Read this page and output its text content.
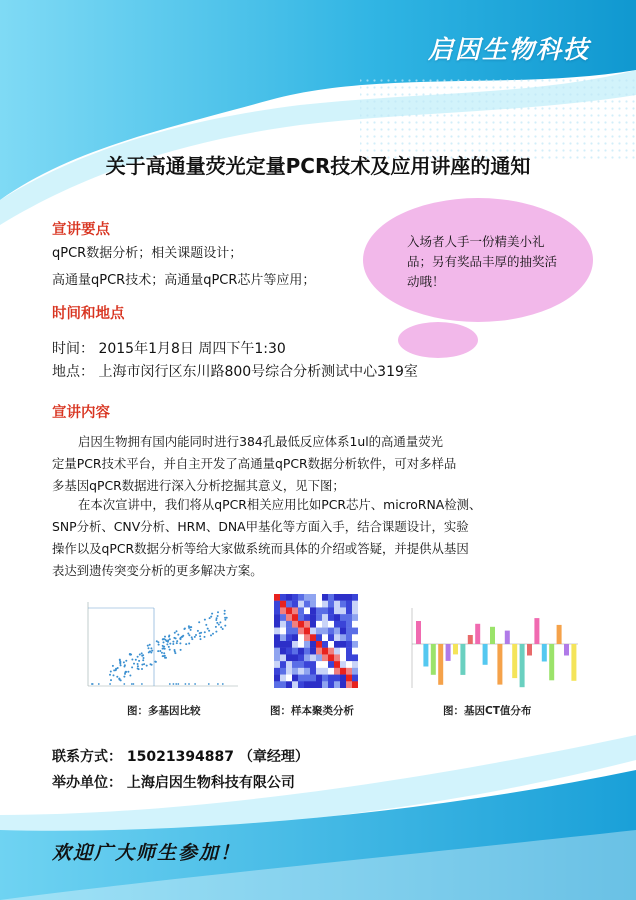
启因生物科技
关于高通量荧光定量PCR技术及应用讲座的通知
入场者人手一份精美小礼品；另有奖品丰厚的抽奖活动哦！
宣讲要点
qPCR数据分析；相关课题设计；
高通量qPCR技术；高通量qPCR芯片等应用；
时间和地点
时间： 2015年1月8日 周四下午1:30
地点： 上海市闵行区东川路800号综合分析测试中心319室
宣讲内容

启因生物拥有国内能同时进行384孔最低反应体系1ul的高通量荧光

定量PCR技术平台，并自主开发了高通量qPCR数据分析软件，可对多样品

多基因qPCR数据进行深入分析挖掘其意义，见下图；

在本次宣讲中，我们将从qPCR相关应用比如PCR芯片、microRNA检测、

SNP分析、CNV分析、HRM、DNA甲基化等方面入手，结合课题设计，实验

操作以及qPCR数据分析等给大家做系统而具体的介绍或答疑，并提供从基因

表达到遗传突变分析的更多解决方案。

图：多基因比较	图：样本聚类分析	图：基因CT值分布
联系方式： 15021394887 （章经理）
举办单位： 上海启因生物科技有限公司
欢迎广大师生参加！
